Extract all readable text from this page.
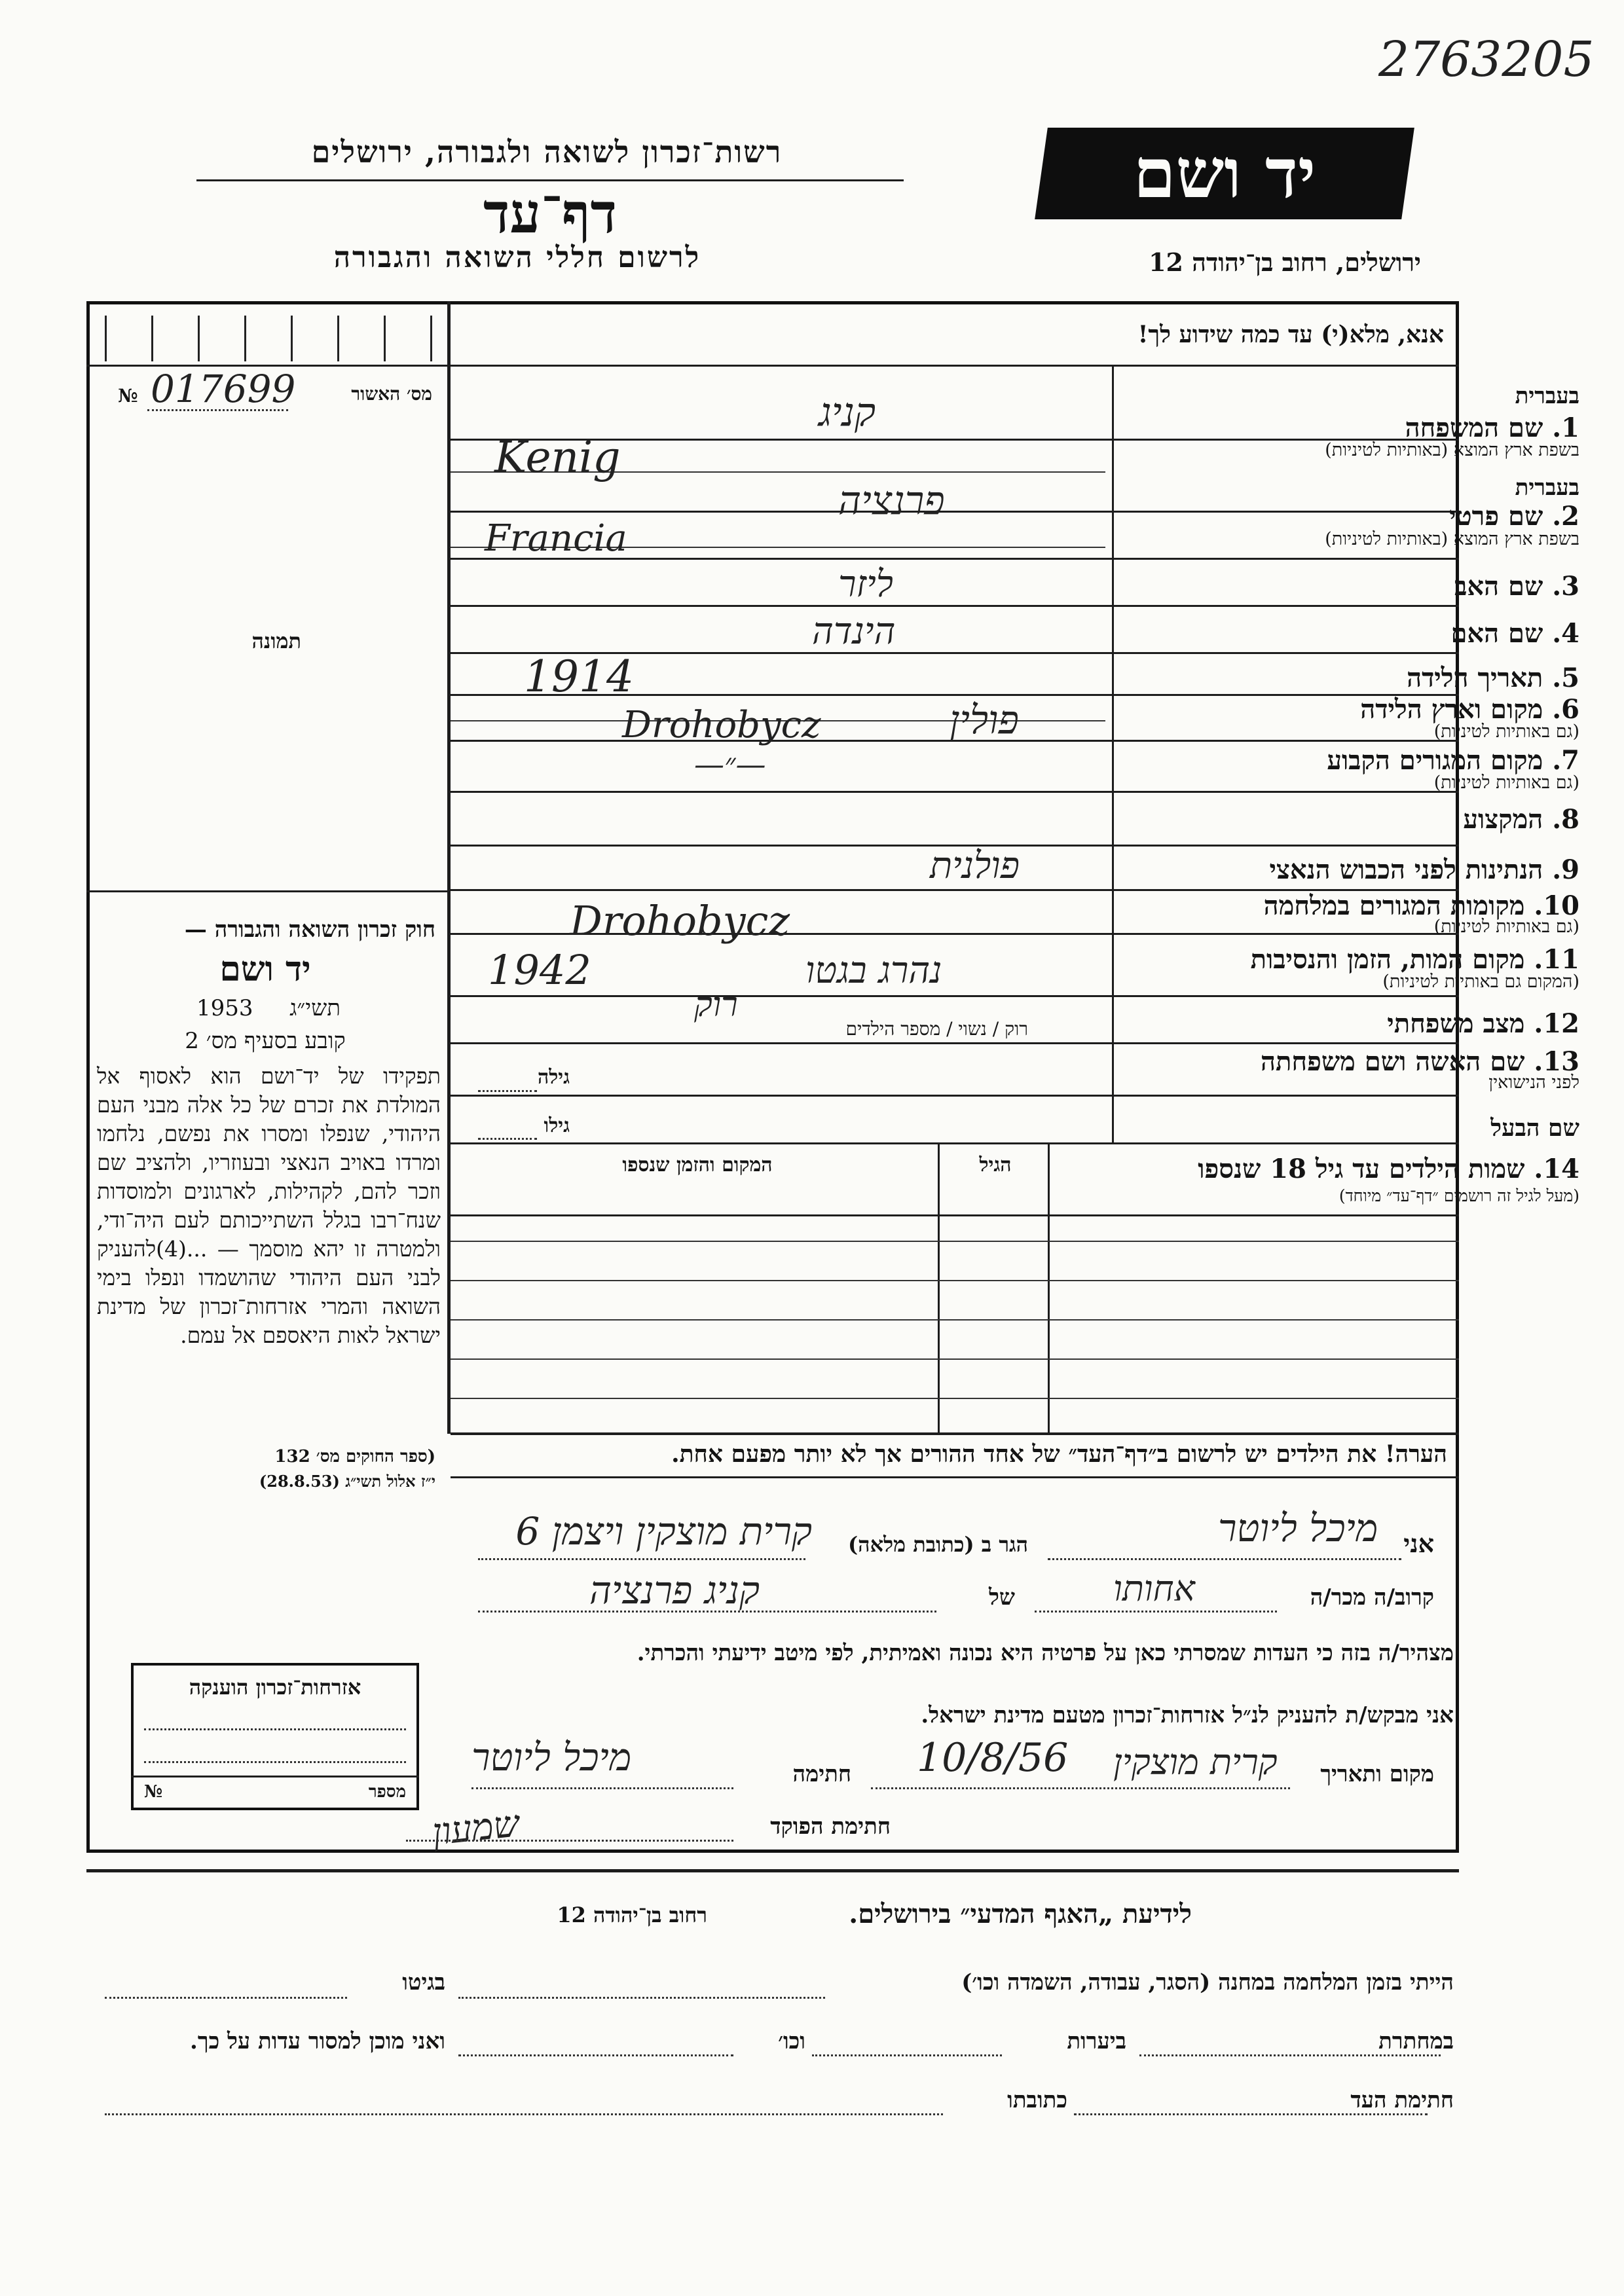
2763205
רשות־זכרון לשואה ולגבורה, ירושלים
דף־עד
לרשום חללי השואה והגבורה
יד ושם
ירושלים, רחוב בן־יהודה 12
אנא, מלא(י) עד כמה שידוע לך!
מס׳ האשור
№ 017699
תמונה
חוק זכרון השואה והגבורה —
יד ושם
תשי״ג
1953
קובע בסעיף מס׳ 2
תפקידו של יד־ושם הוא לאסוף אל המולדת את זכרם של כל אלה מבני העם היהודי, שנפלו ומסרו את נפשם, נלחמו ומרדו באויב הנאצי ובעוזריו, ולהציב שם וזכר להם, לקהילות, לארגונים ולמוסדות שנח־רבו בגלל השתייכותם לעם היה־ודי, ולמטרה זו יהא מוסמך — ...(4)להעניק לבני העם היהודי שהושמדו ונפלו בימי השואה והמרי אזרחות־זכרון של מדינת ישראל לאות היאספם אל עמם.
(ספר החוקים מס׳ 132
י״ז אלול תשי״ג (28.8.53)
בעברית
1. שם המשפחה
בשפת ארץ המוצא (באותיות לטיניות)
קניג
Kenig
בעברית
2. שם פרטי
בשפת ארץ המוצא (באותיות לטיניות)
פרנציה
Francia
3. שם האב
ליזר
4. שם האם
הינדה
5. תאריך הלידה
1914
6. מקום וארץ הלידה
(גם באותיות לטיניות)
Drohobycz	פולין
7. מקום המגורים הקבוע
(גם באותיות לטיניות)
—״—
8. המקצוע
9. הנתינות לפני הכבוש הנאצי
פולנית
10. מקומות המגורים במלחמה
(גם באותיות לטיניות)
Drohobycz
11. מקום המות, הזמן והנסיבות
(המקום גם באותיות לטיניות)
1942	נהרג בגטו
12. מצב משפחתי
רוק / נשוי / מספר הילדים
רוק
13. שם האשה ושם משפחתה
לפני הנישואין
גילה
שם הבעל
גילו
14. שמות הילדים עד גיל 18 שנספו
(מעל לגיל זה רושמים ״דף־עד״ מיוחד)
הגיל
המקום והזמן שנספו
הערה! את הילדים יש לרשום ב״דף־העד״ של אחד ההורים אך לא יותר מפעם אחת.
אני
מיכל ליוטר
הגר ב (כתובת מלאה)
קרית מוצקין ויצמן 6
קרוב/ה מכר/ה
אחותו
של
קניג פרנציה
מצהיר/ה בזה כי העדות שמסרתי כאן על פרטיה היא נכונה ואמיתית, לפי מיטב ידיעתי והכרתי.
אני מבקש/ת להעניק לנ״ל אזרחות־זכרון מטעם מדינת ישראל.
מקום ותאריך
קרית מוצקין
10/8/56
חתימה
מיכל ליוטר
חתימת הפוקד
שמעון
אזרחות־זכרון הוענקה
מספר
№
לידיעת „האגף המדעי״ בירושלים.
רחוב בן־יהודה 12
הייתי בזמן המלחמה במחנה (הסגר, עבודה, השמדה וכו׳)
בגיטו
במחתרת
ביערות
וכו׳
ואני מוכן למסור עדות על כך.
חתימת העד
כתובתו
